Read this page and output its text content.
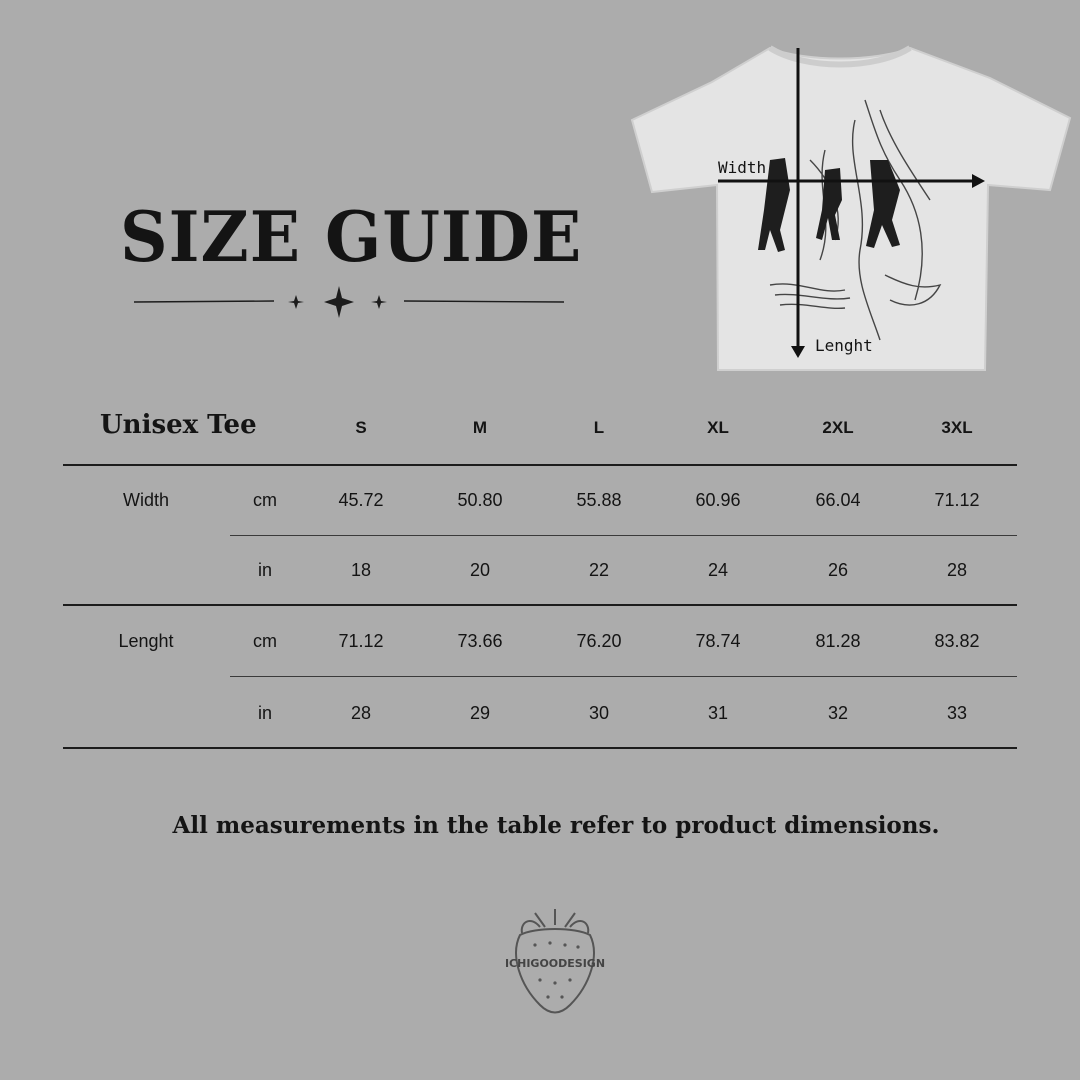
SIZE GUIDE
Width
Lenght
Unisex Tee	S	M	L	XL	2XL	3XL
Width	cm	45.72	50.80	55.88	60.96	66.04	71.12
in	18	20	22	24	26	28
Lenght	cm	71.12	73.66	76.20	78.74	81.28	83.82
in	28	29	30	31	32	33
All measurements in the table refer to product dimensions.
ICHIGOODESIGN
